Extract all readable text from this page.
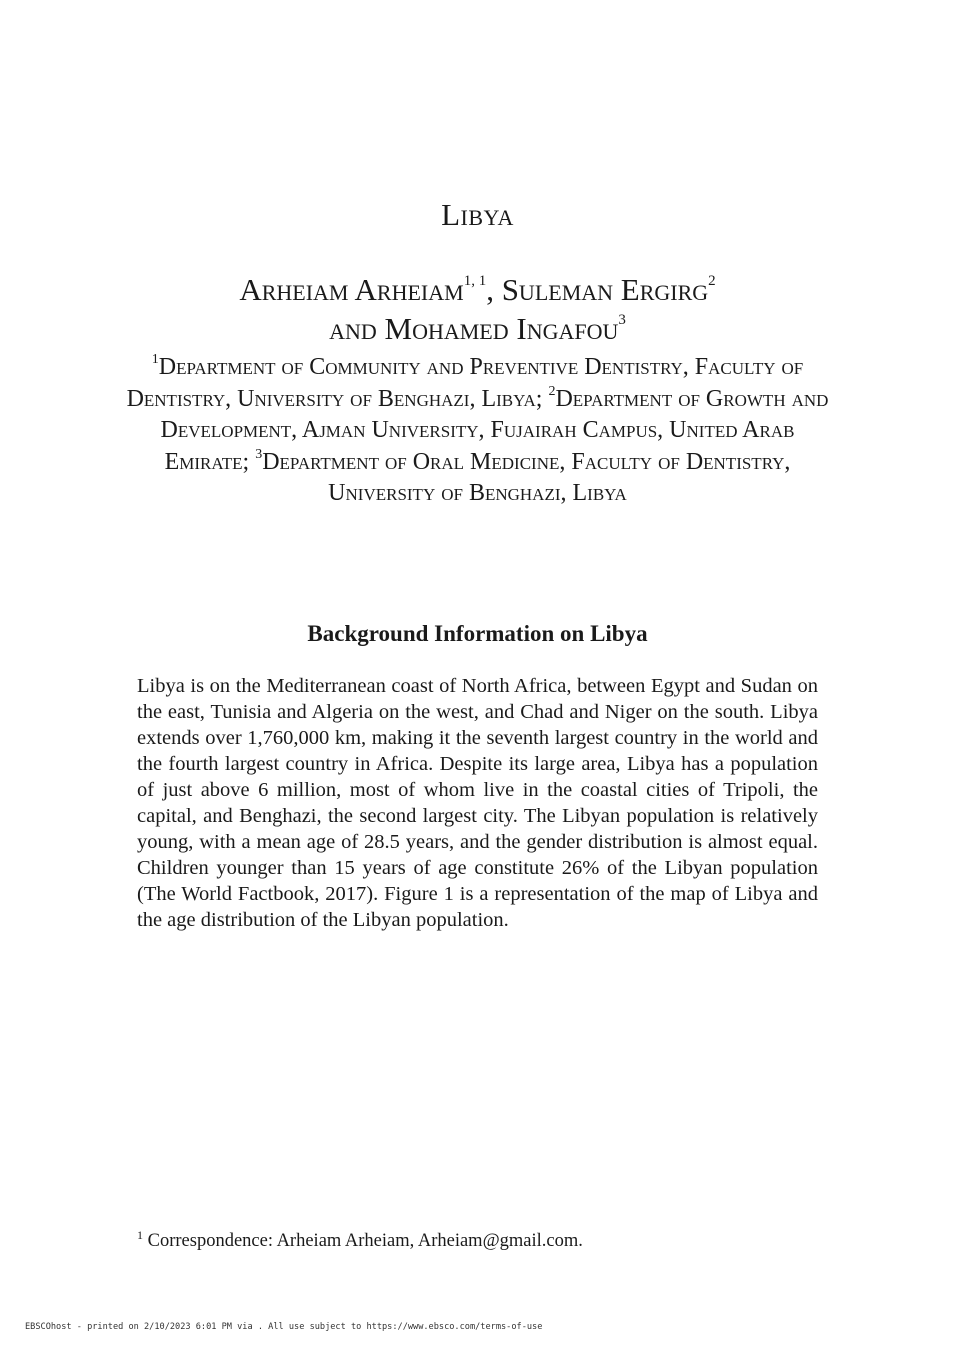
Libya

Arheiam Arheiam$^{1, 1}$, Suleman Ergirg$^2$
and Mohamed Ingafou$^3$

$^1$Department of Community and Preventive Dentistry, Faculty of Dentistry, University of Benghazi, Libya; $^2$Department of Growth and Development, Ajman University, Fujairah Campus, United Arab Emirate; $^3$Department of Oral Medicine, Faculty of Dentistry, University of Benghazi, Libya

Background Information on Libya

Libya is on the Mediterranean coast of North Africa, between Egypt and Sudan on the east, Tunisia and Algeria on the west, and Chad and Niger on the south. Libya extends over 1,760,000 km, making it the seventh largest country in the world and the fourth largest country in Africa. Despite its large area, Libya has a population of just above 6 million, most of whom live in the coastal cities of Tripoli, the capital, and Benghazi, the second largest city. The Libyan population is relatively young, with a mean age of 28.5 years, and the gender distribution is almost equal. Children younger than 15 years of age constitute 26% of the Libyan population (The World Factbook, 2017). Figure 1 is a representation of the map of Libya and the age distribution of the Libyan population.

$^1$ Correspondence: Arheiam Arheiam, Arheiam@gmail.com.

EBSCOhost - printed on 2/10/2023 6:01 PM via . All use subject to https://www.ebsco.com/terms-of-use
